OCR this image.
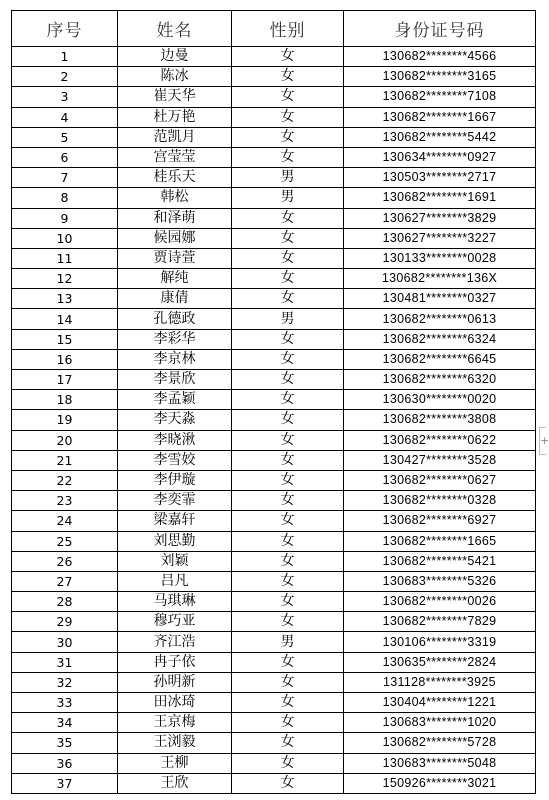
序号	姓名	性别	身份证号码
1	边曼	女	130682********4566
2	陈冰	女	130682********3165
3	崔天华	女	130682********7108
4	杜万艳	女	130682********1667
5	范凯月	女	130682********5442
6	宫莹莹	女	130634********0927
7	桂乐天	男	130503********2717
8	韩松	男	130682********1691
9	和泽萌	女	130627********3829
10	候园娜	女	130627********3227
11	贾诗萱	女	130133********0028
12	解纯	女	130682********136X
13	康倩	女	130481********0327
14	孔德政	男	130682********0613
15	李彩华	女	130682********6324
16	李京林	女	130682********6645
17	李景欣	女	130682********6320
18	李孟颖	女	130630********0020
19	李天淼	女	130682********3808
20	李晓湫	女	130682********0622
21	李雪姣	女	130427********3528
22	李伊璇	女	130682********0627
23	李奕霏	女	130682********0328
24	梁嘉轩	女	130682********6927
25	刘思勤	女	130682********1665
26	刘颖	女	130682********5421
27	吕凡	女	130683********5326
28	马琪琳	女	130682********0026
29	穆巧亚	女	130682********7829
30	齐江浩	男	130106********3319
31	冉子依	女	130635********2824
32	孙明新	女	131128********3925
33	田冰琦	女	130404********1221
34	王京梅	女	130683********1020
35	王浏毅	女	130682********5728
36	王柳	女	130683********5048
37	王欣	女	150926********3021
+
